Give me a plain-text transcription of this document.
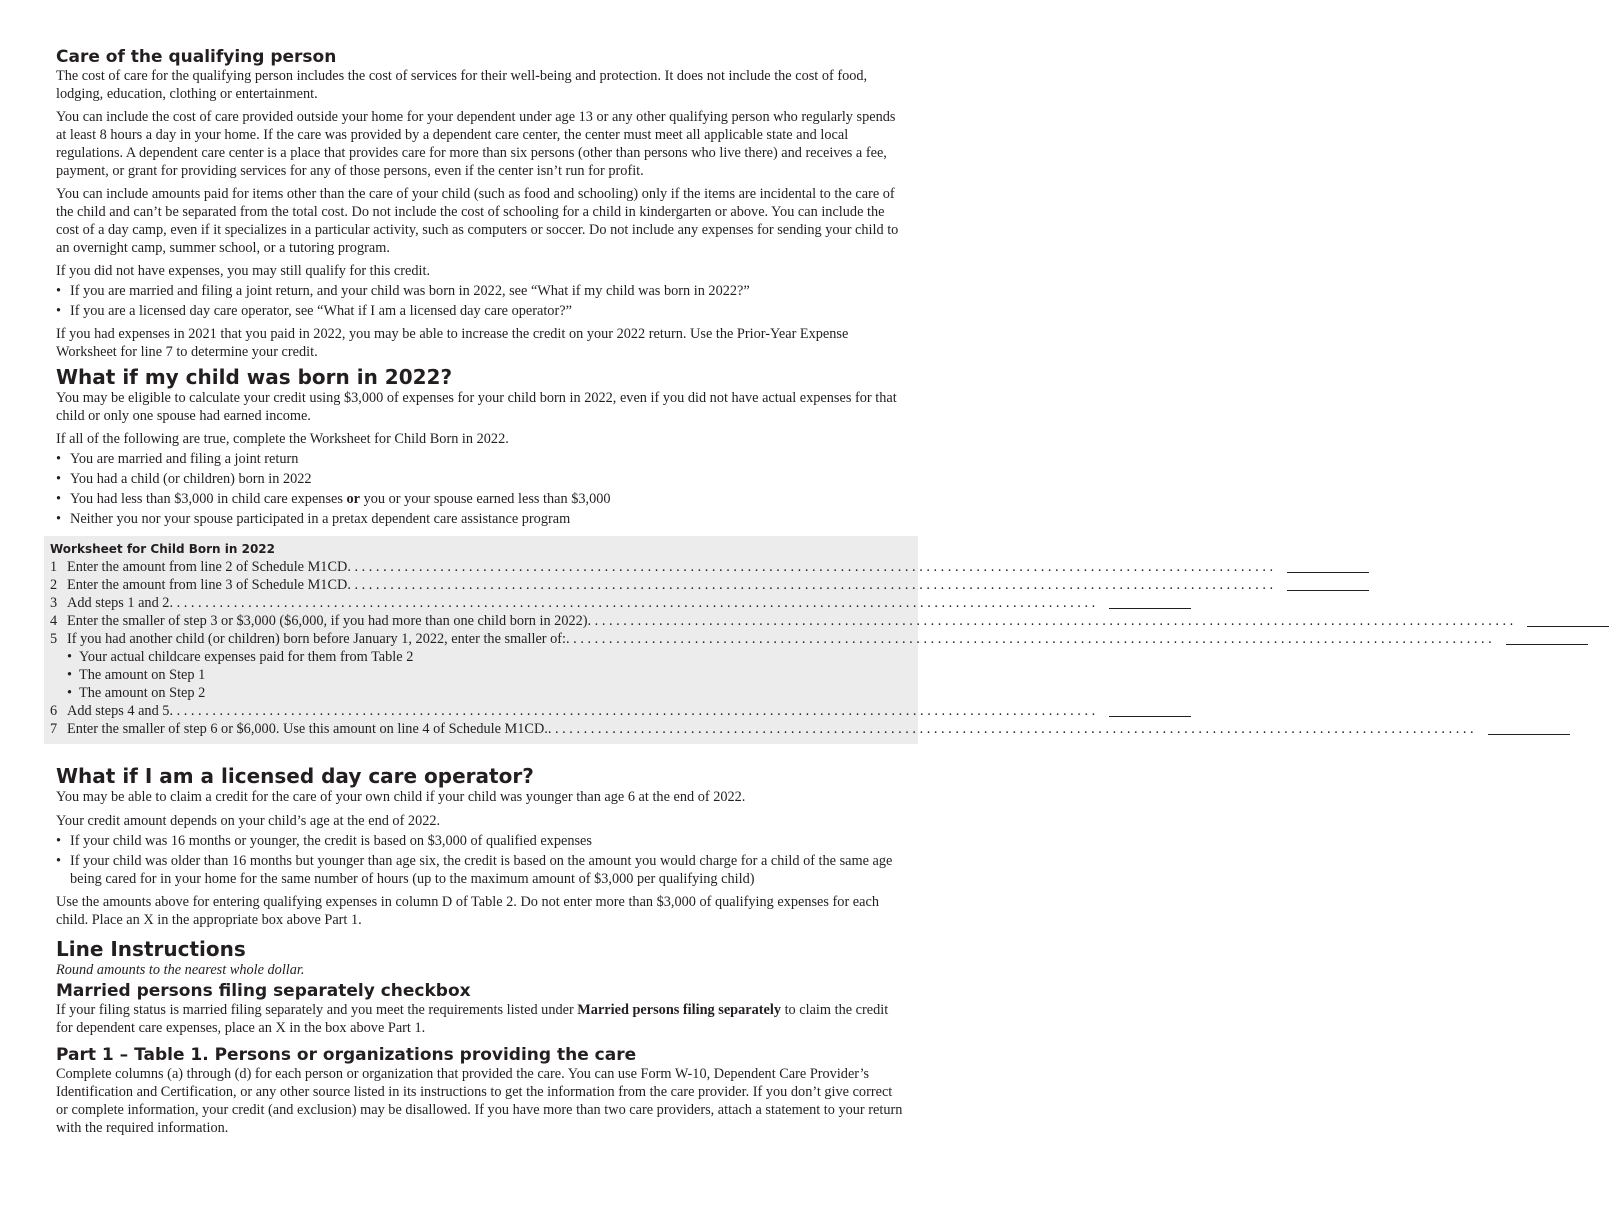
Care of the qualifying person

The cost of care for the qualifying person includes the cost of services for their well-being and protection. It does not include the cost of food, lodging, education, clothing or entertainment.

You can include the cost of care provided outside your home for your dependent under age 13 or any other qualifying person who regularly spends at least 8 hours a day in your home. If the care was provided by a dependent care center, the center must meet all applicable state and local regulations. A dependent care center is a place that provides care for more than six persons (other than persons who live there) and receives a fee, payment, or grant for providing services for any of those persons, even if the center isn’t run for profit.

You can include amounts paid for items other than the care of your child (such as food and schooling) only if the items are incidental to the care of the child and can’t be separated from the total cost. Do not include the cost of schooling for a child in kindergarten or above. You can include the cost of a day camp, even if it specializes in a particular activity, such as computers or soccer. Do not include any expenses for sending your child to an overnight camp, summer school, or a tutoring program.

If you did not have expenses, you may still qualify for this credit.

• If you are married and filing a joint return, and your child was born in 2022, see “What if my child was born in 2022?”
• If you are a licensed day care operator, see “What if I am a licensed day care operator?”

If you had expenses in 2021 that you paid in 2022, you may be able to increase the credit on your 2022 return. Use the Prior-Year Expense Worksheet for line 7 to determine your credit.

What if my child was born in 2022?

You may be eligible to calculate your credit using $3,000 of expenses for your child born in 2022, even if you did not have actual expenses for that child or only one spouse had earned income.

If all of the following are true, complete the Worksheet for Child Born in 2022.

• You are married and filing a joint return
• You had a child (or children) born in 2022
• You had less than $3,000 in child care expenses or you or your spouse earned less than $3,000
• Neither you nor your spouse participated in a pretax dependent care assistance program
Worksheet for Child Born in 2022
1 Enter the amount from line 2 of Schedule M1CD. . . . . . . . . . . . . . . . . . . . . . . . . . . . . . . . . . . . . . . . . . . . . . . . . . . . . . . . . . . . . . . . . . . . . . . . . . . . . . . . . . . . . . . . . . . . . . . . . . . . . . . . . . . . . . . . . . . . . . . . . . . . . . . . . .
2 Enter the amount from line 3 of Schedule M1CD. . . . . . . . . . . . . . . . . . . . . . . . . . . . . . . . . . . . . . . . . . . . . . . . . . . . . . . . . . . . . . . . . . . . . . . . . . . . . . . . . . . . . . . . . . . . . . . . . . . . . . . . . . . . . . . . . . . . . . . . . . . . . . . . . .
3 Add steps 1 and 2. . . . . . . . . . . . . . . . . . . . . . . . . . . . . . . . . . . . . . . . . . . . . . . . . . . . . . . . . . . . . . . . . . . . . . . . . . . . . . . . . . . . . . . . . . . . . . . . . . . . . . . . . . . . . . . . . . . . . . . . . . . . . . . . . .
4 Enter the smaller of step 3 or $3,000 ($6,000, if you had more than one child born in 2022). . . . . . . . . . . . . . . . . . . . . . . . . . . . . . . . . . . . . . . . . . . . . . . . . . . . . . . . . . . . . . . . . . . . . . . . . . . . . . . . . . . . . . . . . . . . . . . . . . . . . . . . . . . . . . . . . . . . . . . . . . . . . . . . . .
5 If you had another child (or children) born before January 1, 2022, enter the smaller of:. . . . . . . . . . . . . . . . . . . . . . . . . . . . . . . . . . . . . . . . . . . . . . . . . . . . . . . . . . . . . . . . . . . . . . . . . . . . . . . . . . . . . . . . . . . . . . . . . . . . . . . . . . . . . . . . . . . . . . . . . . . . . . . . . .
• Your actual childcare expenses paid for them from Table 2
• The amount on Step 1
• The amount on Step 2
6 Add steps 4 and 5. . . . . . . . . . . . . . . . . . . . . . . . . . . . . . . . . . . . . . . . . . . . . . . . . . . . . . . . . . . . . . . . . . . . . . . . . . . . . . . . . . . . . . . . . . . . . . . . . . . . . . . . . . . . . . . . . . . . . . . . . . . . . . . . . .
7 Enter the smaller of step 6 or $6,000. Use this amount on line 4 of Schedule M1CD.. . . . . . . . . . . . . . . . . . . . . . . . . . . . . . . . . . . . . . . . . . . . . . . . . . . . . . . . . . . . . . . . . . . . . . . . . . . . . . . . . . . . . . . . . . . . . . . . . . . . . . . . . . . . . . . . . . . . . . . . . . . . . . . . . .
What if I am a licensed day care operator?

You may be able to claim a credit for the care of your own child if your child was younger than age 6 at the end of 2022.

Your credit amount depends on your child’s age at the end of 2022.

• If your child was 16 months or younger, the credit is based on $3,000 of qualified expenses
• If your child was older than 16 months but younger than age six, the credit is based on the amount you would charge for a child of the same age being cared for in your home for the same number of hours (up to the maximum amount of $3,000 per qualifying child)

Use the amounts above for entering qualifying expenses in column D of Table 2. Do not enter more than $3,000 of qualifying expenses for each child. Place an X in the appropriate box above Part 1.

Line Instructions

Round amounts to the nearest whole dollar.

Married persons filing separately checkbox

If your filing status is married filing separately and you meet the requirements listed under Married persons filing separately to claim the credit for dependent care expenses, place an X in the box above Part 1.

Part 1 – Table 1. Persons or organizations providing the care

Complete columns (a) through (d) for each person or organization that provided the care. You can use Form W-10, Dependent Care Provider’s Identification and Certification, or any other source listed in its instructions to get the information from the care provider. If you don’t give correct or complete information, your credit (and exclusion) may be disallowed. If you have more than two care providers, attach a statement to your return with the required information.
